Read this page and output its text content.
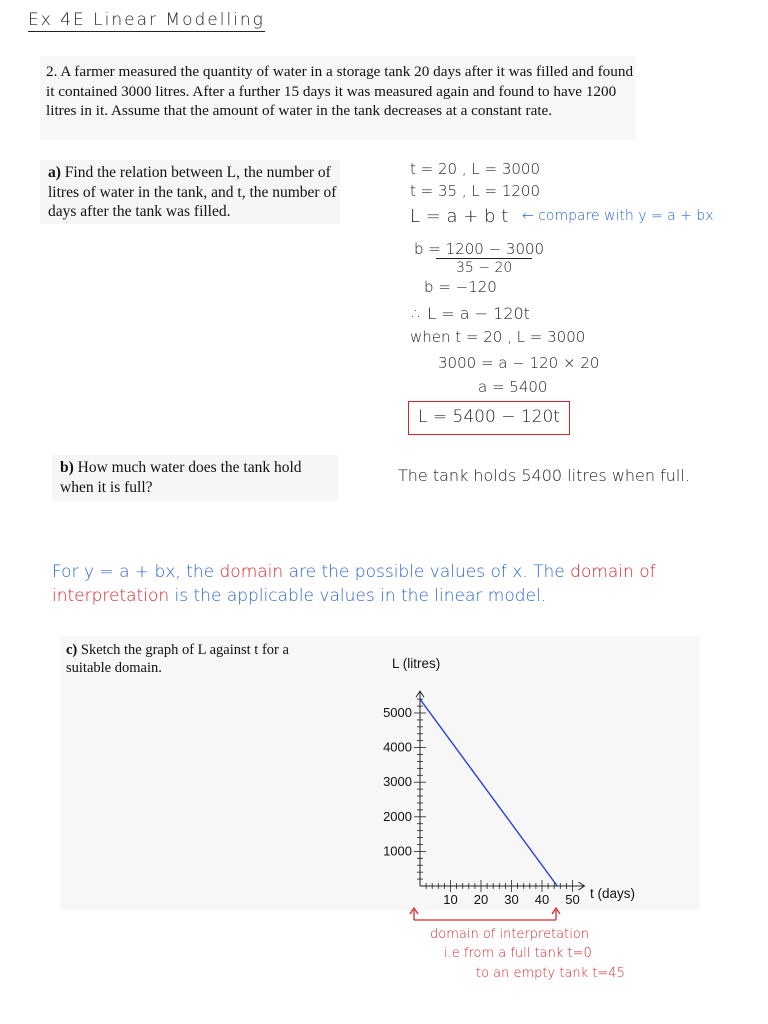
Ex 4E Linear Modelling
2. A farmer measured the quantity of water in a storage tank 20 days after it was filled and found it contained 3000 litres. After a further 15 days it was measured again and found to have 1200 litres in it. Assume that the amount of water in the tank decreases at a constant rate.
a) Find the relation between L, the number of litres of water in the tank, and t, the number of days after the tank was filled.
t = 20 , L = 3000
t = 35 , L = 1200
L = a + b t ← compare with y = a + bx
b = 1200 − 3000
35 − 20
b = −120
∴ L = a − 120t
when t = 20 , L = 3000
3000 = a − 120 × 20
a = 5400
L = 5400 − 120t
b) How much water does the tank hold when it is full?
The tank holds 5400 litres when full.
For y = a + bx, the domain are the possible values of x. The domain of
interpretation is the applicable values in the linear model.
c) Sketch the graph of L against t for a suitable domain.	L (litres)
t (days)
10 20 30 40 50
1000
2000
3000
4000
5000
domain of interpretation
i.e from a full tank t=0
to an empty tank t=45
